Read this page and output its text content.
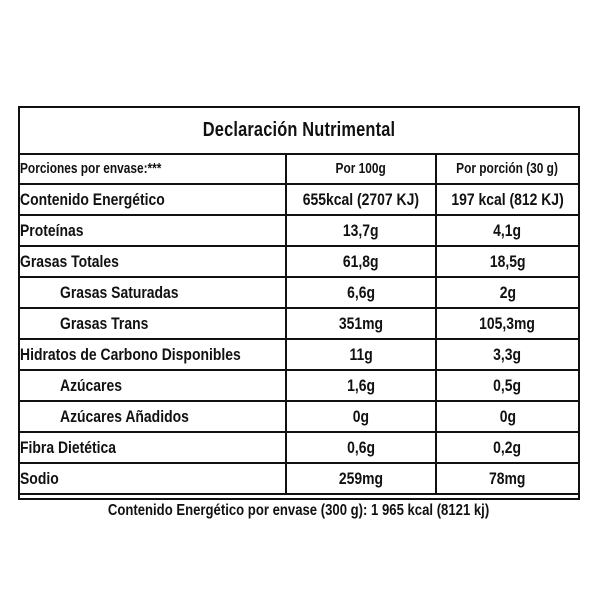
Declaración Nutrimental
Porciones por envase:***	Por 100g	Por porción (30 g)
Contenido Energético	655kcal (2707 KJ)	197 kcal (812 KJ)
Proteínas	13,7g	4,1g
Grasas Totales	61,8g	18,5g
Grasas Saturadas	6,6g	2g
Grasas Trans	351mg	105,3mg
Hidratos de Carbono Disponibles	11g	3,3g
Azúcares	1,6g	0,5g
Azúcares Añadidos	0g	0g
Fibra Dietética	0,6g	0,2g
Sodio	259mg	78mg
Contenido Energético por envase (300 g): 1 965 kcal (8121 kj)		
